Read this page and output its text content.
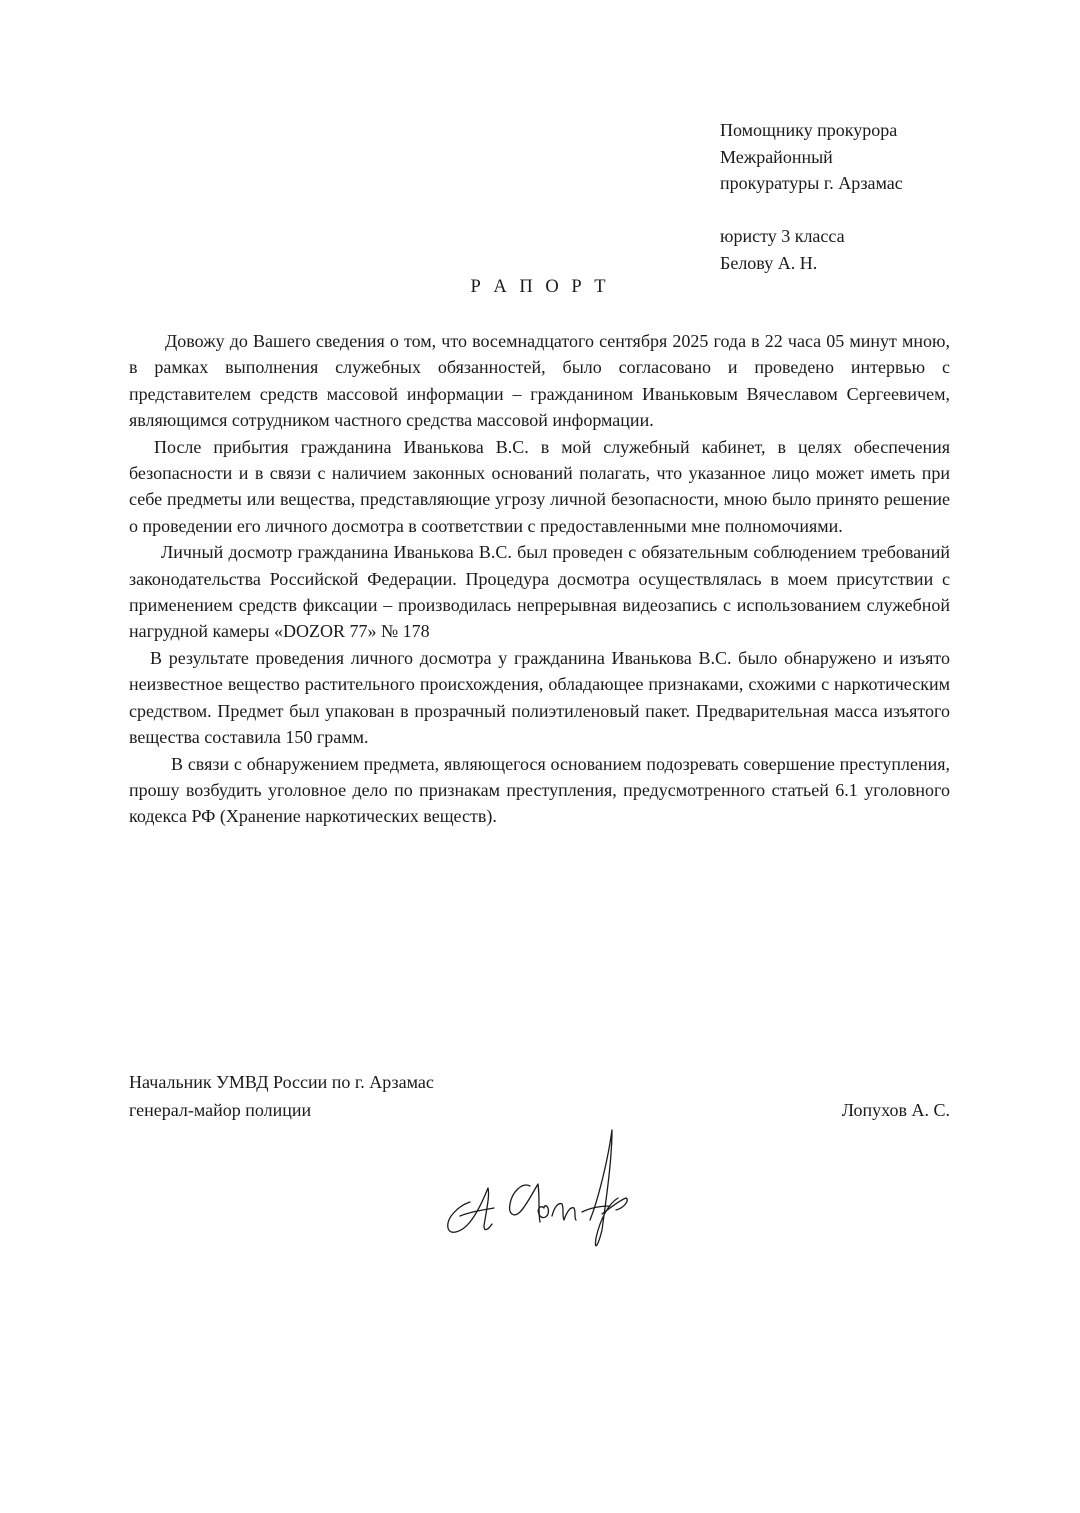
Помощнику прокурора
Межрайонный
прокуратуры г. Арзамас
юристу 3 класса
Белову А. Н.
Р А П О Р Т

Довожу до Вашего сведения о том, что восемнадцатого сентября 2025 года в 22 часа 05 минут мною, в рамках выполнения служебных обязанностей, было согласовано и проведено интервью с представителем средств массовой информации – гражданином Иваньковым Вячеславом Сергеевичем, являющимся сотрудником частного средства массовой информации.

После прибытия гражданина Иванькова В.С. в мой служебный кабинет, в целях обеспечения безопасности и в связи с наличием законных оснований полагать, что указанное лицо может иметь при себе предметы или вещества, представляющие угрозу личной безопасности, мною было принято решение о проведении его личного досмотра в соответствии с предоставленными мне полномочиями.

Личный досмотр гражданина Иванькова В.С. был проведен с обязательным соблюдением требований законодательства Российской Федерации. Процедура досмотра осуществлялась в моем присутствии с применением средств фиксации – производилась непрерывная видеозапись с использованием служебной нагрудной камеры «DOZOR 77» № 178

В результате проведения личного досмотра у гражданина Иванькова В.С. было обнаружено и изъято неизвестное вещество растительного происхождения, обладающее признаками, схожими с наркотическим средством. Предмет был упакован в прозрачный полиэтиленовый пакет. Предварительная масса изъятого вещества составила 150 грамм.

В связи с обнаружением предмета, являющегося основанием подозревать совершение преступления, прошу возбудить уголовное дело по признакам преступления, предусмотренного статьей 6.1 уголовного кодекса РФ (Хранение наркотических веществ).

Начальник УМВД России по г. Арзамас
генерал-майор полиции	Лопухов А. С.
